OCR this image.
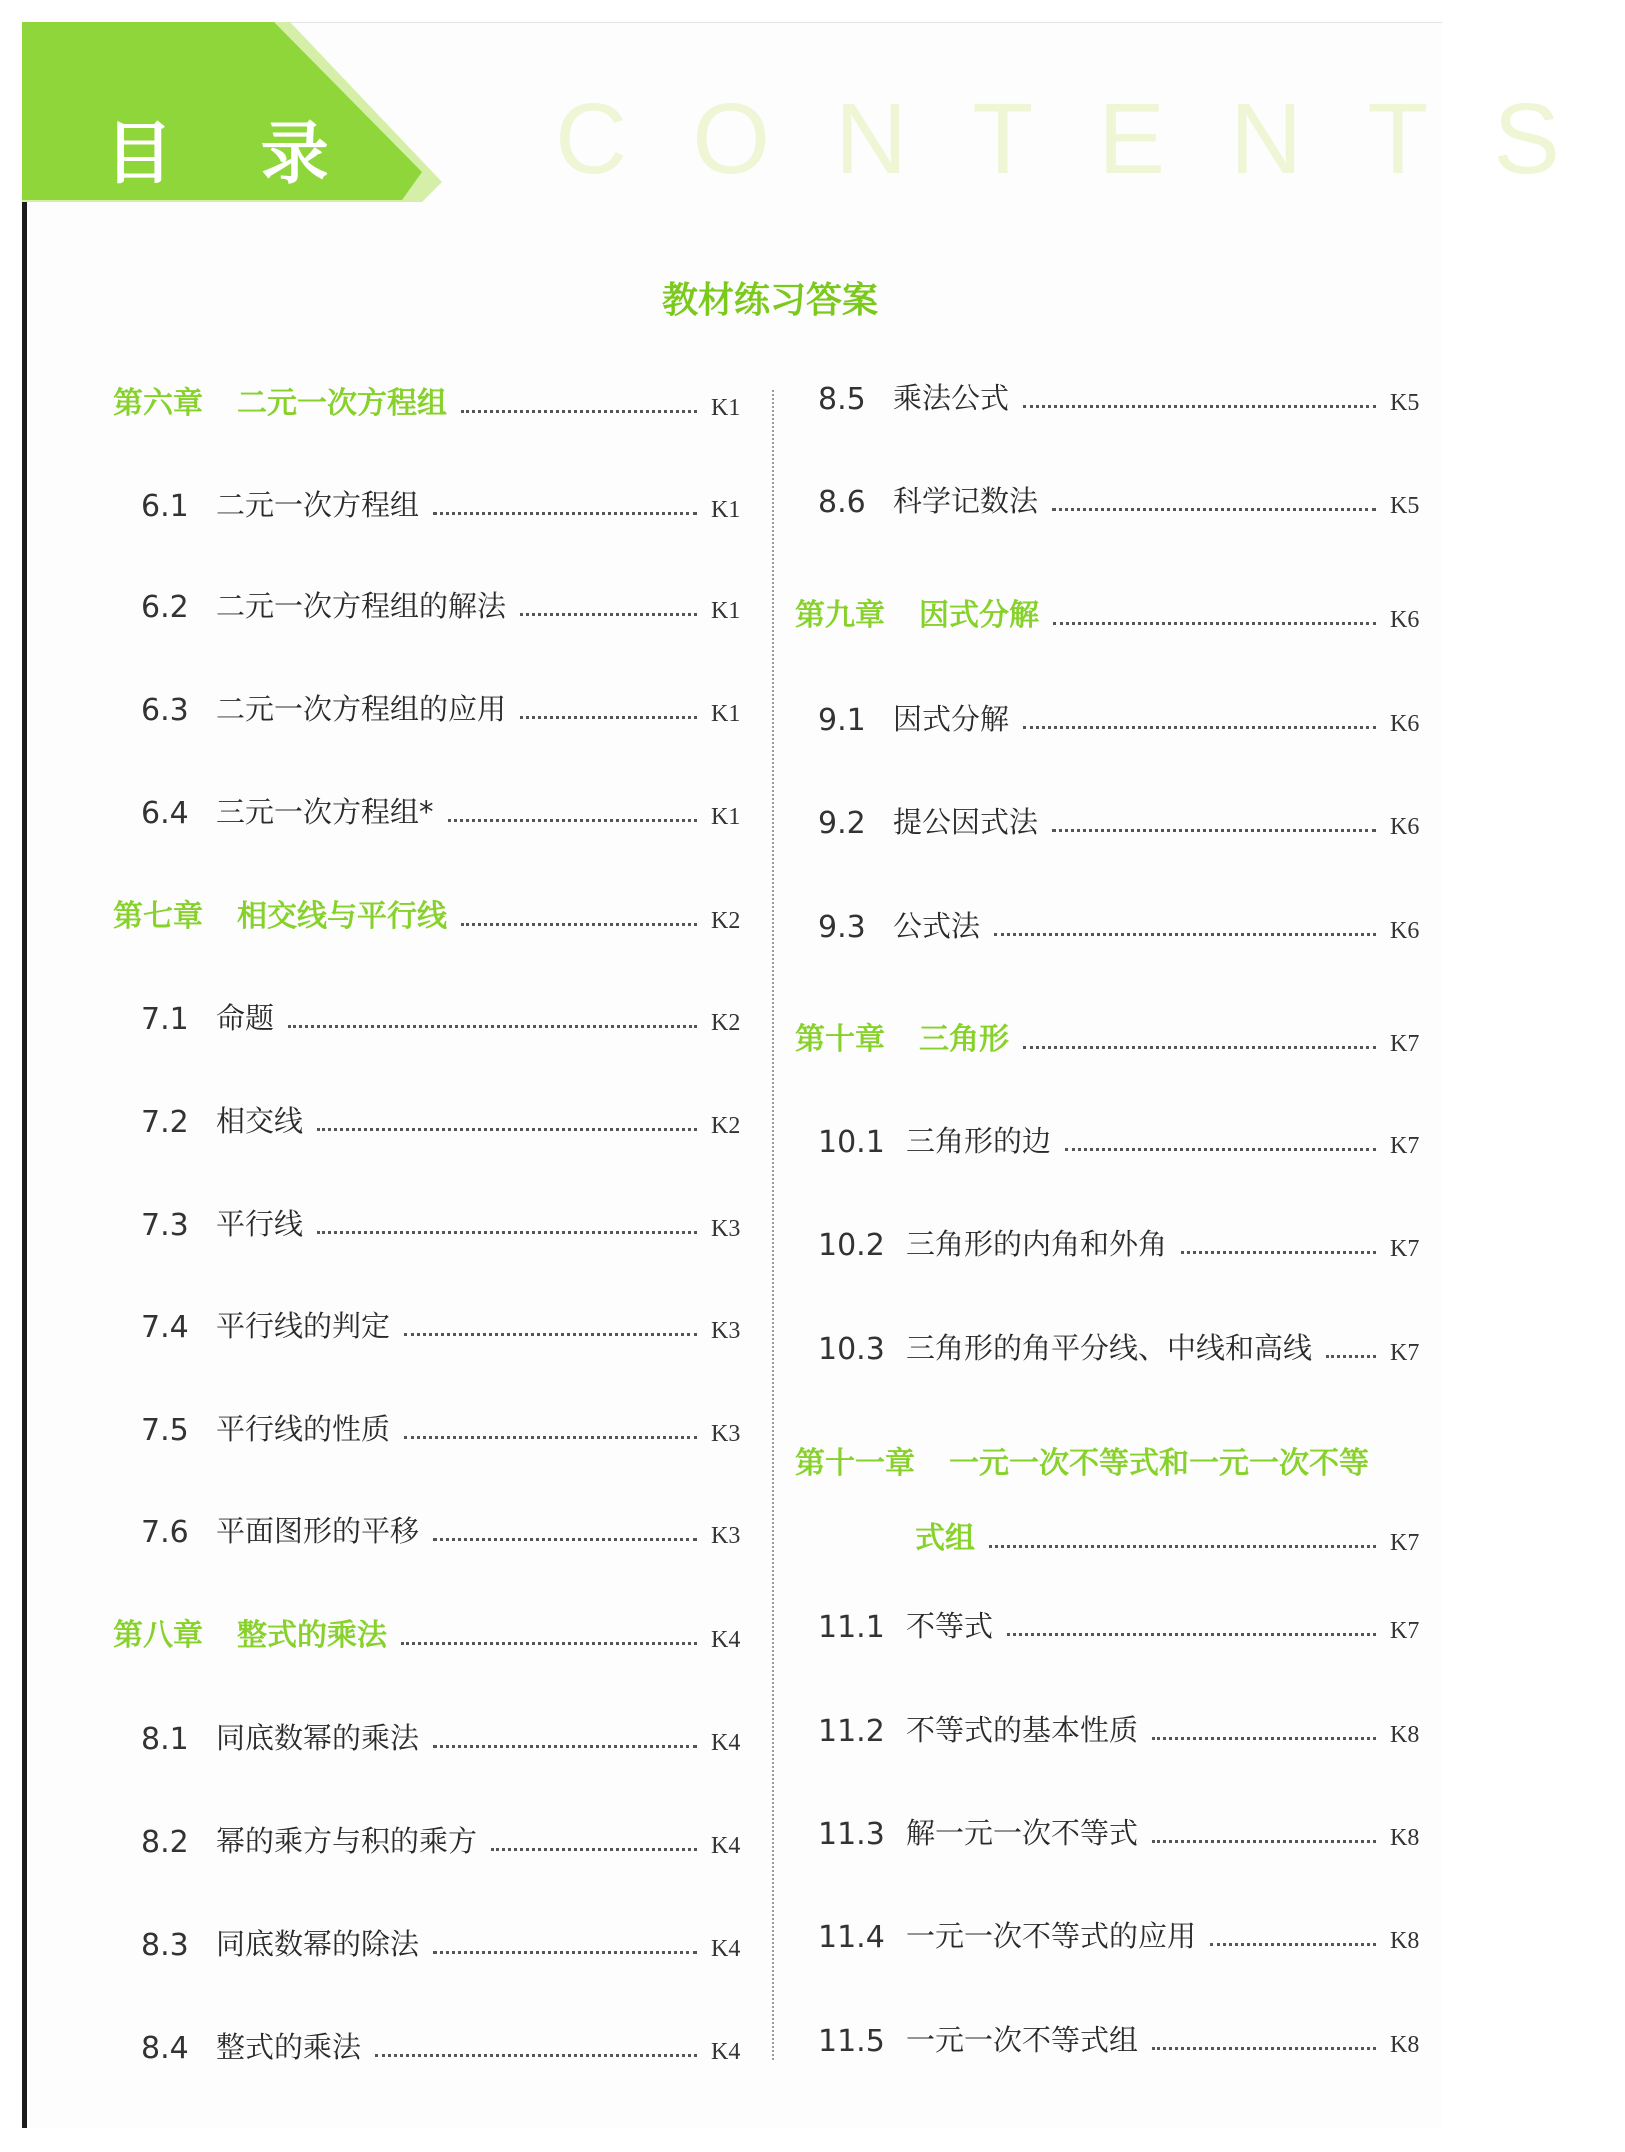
目 录 CONTENTS
教材练习答案
第六章 二元一次方程组	K1
6.1 二元一次方程组	K1
6.2 二元一次方程组的解法	K1
6.3 二元一次方程组的应用	K1
6.4 三元一次方程组*	K1
第七章 相交线与平行线	K2
7.1 命题	K2
7.2 相交线	K2
7.3 平行线	K3
7.4 平行线的判定	K3
7.5 平行线的性质	K3
7.6 平面图形的平移	K3
第八章 整式的乘法	K4
8.1 同底数幂的乘法	K4
8.2 幂的乘方与积的乘方	K4
8.3 同底数幂的除法	K4
8.4 整式的乘法	K4
8.5 乘法公式	K5
8.6 科学记数法	K5
第九章 因式分解	K6
9.1 因式分解	K6
9.2 提公因式法	K6
9.3 公式法	K6
第十章 三角形	K7
10.1 三角形的边	K7
10.2 三角形的内角和外角	K7
10.3 三角形的角平分线、中线和高线	K7
第十一章 一元一次不等式和一元一次不等
式组	K7
11.1 不等式	K7
11.2 不等式的基本性质	K8
11.3 解一元一次不等式	K8
11.4 一元一次不等式的应用	K8
11.5 一元一次不等式组	K8
